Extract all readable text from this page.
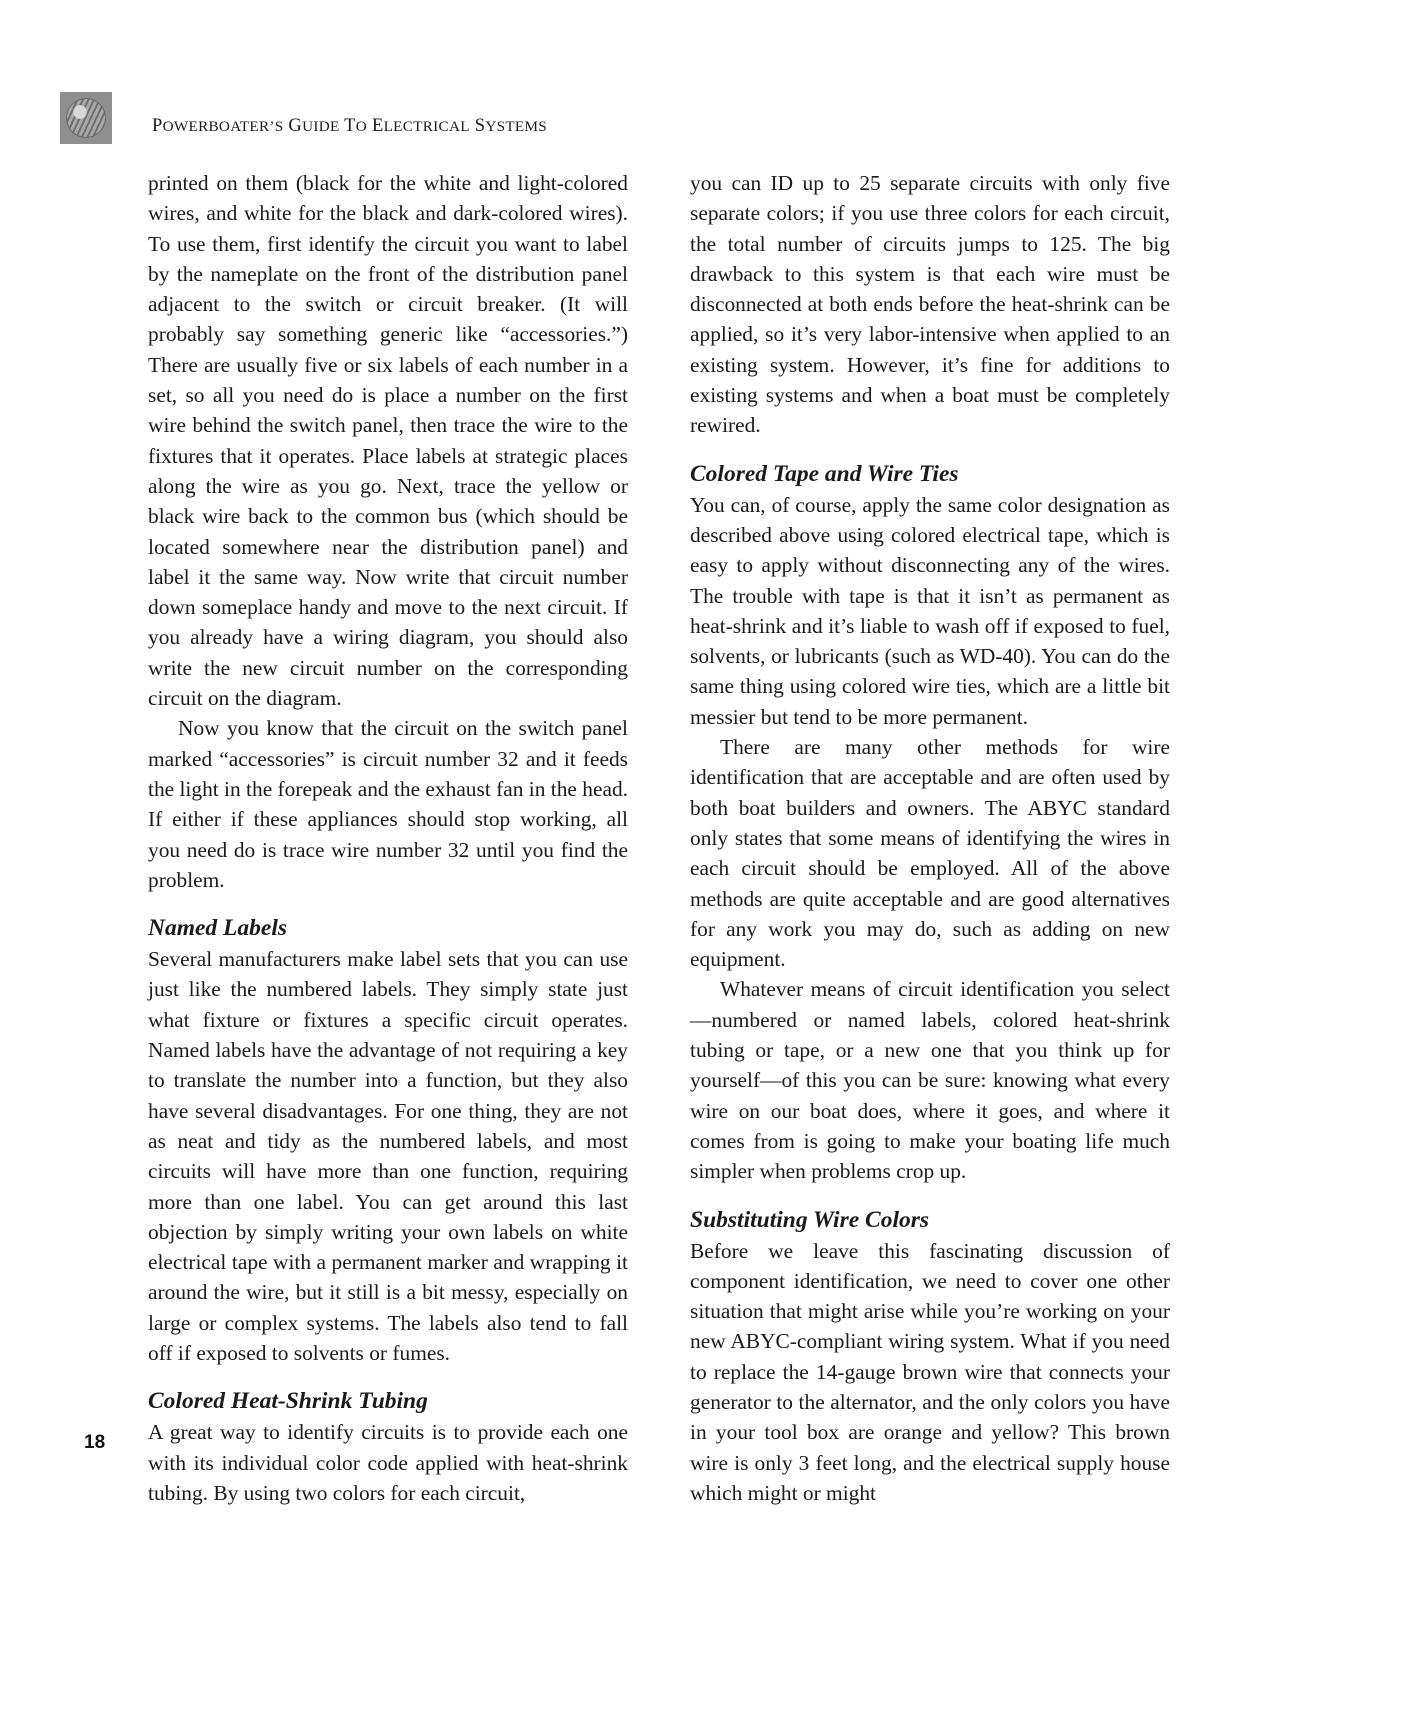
POWERBOATER’S GUIDE TO ELECTRICAL SYSTEMS

printed on them (black for the white and light-colored wires, and white for the black and dark-colored wires). To use them, first identify the circuit you want to label by the nameplate on the front of the distribution panel adjacent to the switch or circuit breaker. (It will probably say something generic like “accessories.”) There are usually five or six labels of each number in a set, so all you need do is place a number on the first wire behind the switch panel, then trace the wire to the fixtures that it operates. Place labels at strategic places along the wire as you go. Next, trace the yellow or black wire back to the common bus (which should be located somewhere near the distribution panel) and label it the same way. Now write that circuit number down someplace handy and move to the next circuit. If you already have a wiring diagram, you should also write the new circuit number on the corresponding circuit on the diagram.

Now you know that the circuit on the switch panel marked “accessories” is circuit number 32 and it feeds the light in the forepeak and the exhaust fan in the head. If either if these appliances should stop working, all you need do is trace wire number 32 until you find the problem.

Named Labels

Several manufacturers make label sets that you can use just like the numbered labels. They simply state just what fixture or fixtures a specific circuit operates. Named labels have the advantage of not requiring a key to translate the number into a function, but they also have several disadvantages. For one thing, they are not as neat and tidy as the numbered labels, and most circuits will have more than one function, requiring more than one label. You can get around this last objection by simply writing your own labels on white electrical tape with a permanent marker and wrapping it around the wire, but it still is a bit messy, especially on large or complex systems. The labels also tend to fall off if exposed to solvents or fumes.

Colored Heat-Shrink Tubing

A great way to identify circuits is to provide each one with its individual color code applied with heat-shrink tubing. By using two colors for each circuit,

you can ID up to 25 separate circuits with only five separate colors; if you use three colors for each circuit, the total number of circuits jumps to 125. The big drawback to this system is that each wire must be disconnected at both ends before the heat-shrink can be applied, so it’s very labor-intensive when applied to an existing system. However, it’s fine for additions to existing systems and when a boat must be completely rewired.

Colored Tape and Wire Ties

You can, of course, apply the same color designation as described above using colored electrical tape, which is easy to apply without disconnecting any of the wires. The trouble with tape is that it isn’t as permanent as heat-shrink and it’s liable to wash off if exposed to fuel, solvents, or lubricants (such as WD-40). You can do the same thing using colored wire ties, which are a little bit messier but tend to be more permanent.

There are many other methods for wire identification that are acceptable and are often used by both boat builders and owners. The ABYC standard only states that some means of identifying the wires in each circuit should be employed. All of the above methods are quite acceptable and are good alternatives for any work you may do, such as adding on new equipment.

Whatever means of circuit identification you select—numbered or named labels, colored heat-shrink tubing or tape, or a new one that you think up for yourself—of this you can be sure: knowing what every wire on our boat does, where it goes, and where it comes from is going to make your boating life much simpler when problems crop up.

Substituting Wire Colors

Before we leave this fascinating discussion of component identification, we need to cover one other situation that might arise while you’re working on your new ABYC-compliant wiring system. What if you need to replace the 14-gauge brown wire that connects your generator to the alternator, and the only colors you have in your tool box are orange and yellow? This brown wire is only 3 feet long, and the electrical supply house which might or might

18
